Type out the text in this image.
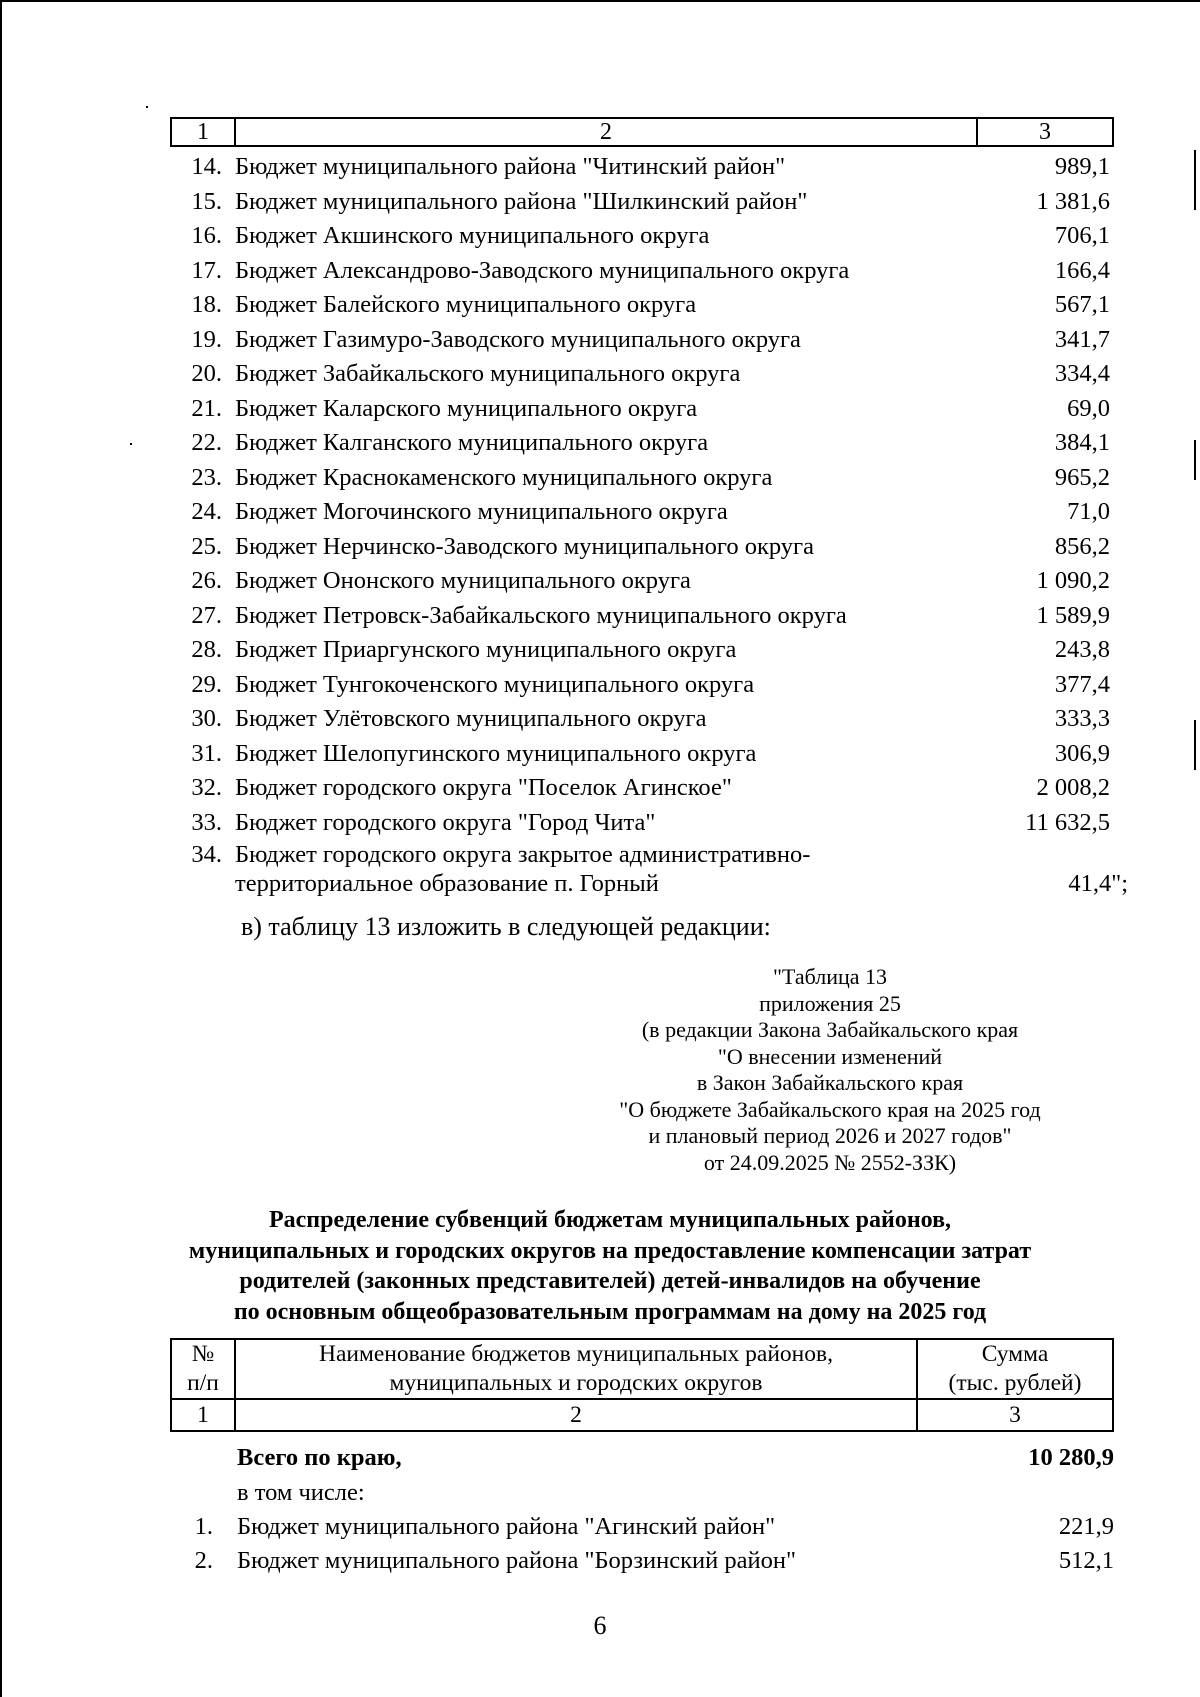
1	2	3
14. Бюджет муниципального района "Читинский район"	989,1
15. Бюджет муниципального района "Шилкинский район"	1 381,6
16. Бюджет Акшинского муниципального округа	706,1
17. Бюджет Александрово-Заводского муниципального округа	166,4
18. Бюджет Балейского муниципального округа	567,1
19. Бюджет Газимуро-Заводского муниципального округа	341,7
20. Бюджет Забайкальского муниципального округа	334,4
21. Бюджет Каларского муниципального округа	69,0
22. Бюджет Калганского муниципального округа	384,1
23. Бюджет Краснокаменского муниципального округа	965,2
24. Бюджет Могочинского муниципального округа	71,0
25. Бюджет Нерчинско-Заводского муниципального округа	856,2
26. Бюджет Ононского муниципального округа	1 090,2
27. Бюджет Петровск-Забайкальского муниципального округа	1 589,9
28. Бюджет Приаргунского муниципального округа	243,8
29. Бюджет Тунгокоченского муниципального округа	377,4
30. Бюджет Улётовского муниципального округа	333,3
31. Бюджет Шелопугинского муниципального округа	306,9
32. Бюджет городского округа "Поселок Агинское"	2 008,2
33. Бюджет городского округа "Город Чита"	11 632,5
34. Бюджет городского округа закрытое административно-
территориальное образование п. Горный	41,4";
в) таблицу 13 изложить в следующей редакции:
"Таблица 13
приложения 25
(в редакции Закона Забайкальского края
"О внесении изменений
в Закон Забайкальского края
"О бюджете Забайкальского края на 2025 год
и плановый период 2026 и 2027 годов"
от 24.09.2025 № 2552-ЗЗК)
Распределение субвенций бюджетам муниципальных районов,
муниципальных и городских округов на предоставление компенсации затрат
родителей (законных представителей) детей-инвалидов на обучение
по основным общеобразовательным программам на дому на 2025 год
№
п/п	Наименование бюджетов муниципальных районов,
муниципальных и городских округов	Сумма
(тыс. рублей)
1	2	3
Всего по краю,	10 280,9
в том числе:
1. Бюджет муниципального района "Агинский район"	221,9
2. Бюджет муниципального района "Борзинский район"	512,1
6
